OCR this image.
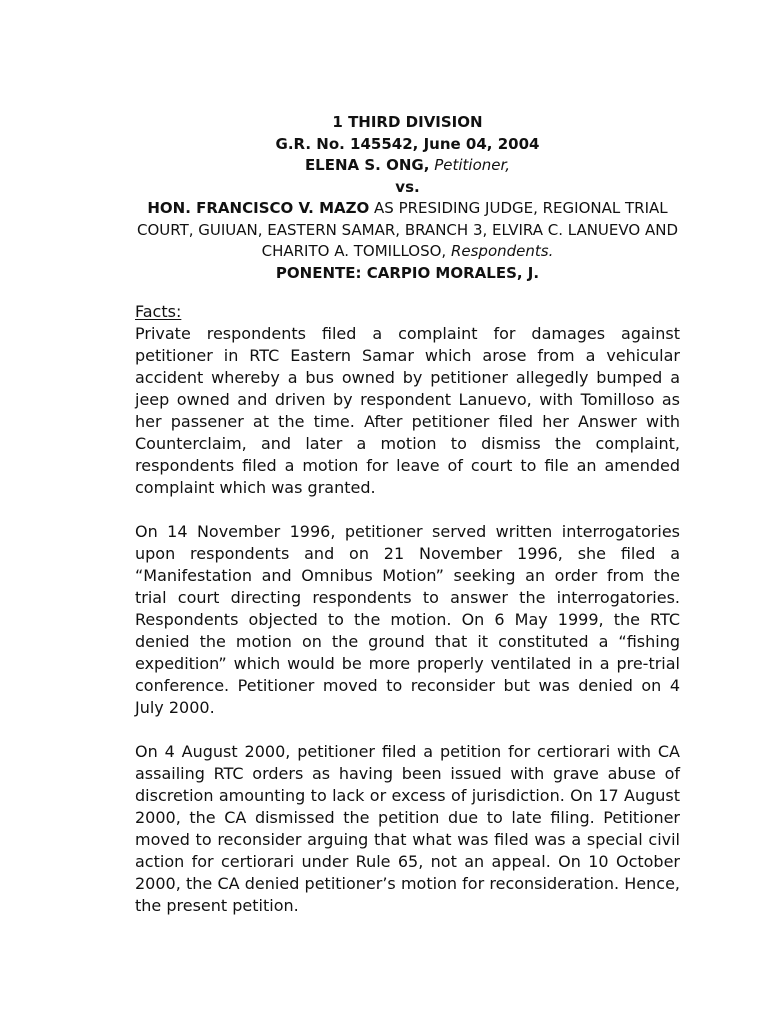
1 THIRD DIVISION
G.R. No. 145542, June 04, 2004
ELENA S. ONG, Petitioner,
vs.
HON. FRANCISCO V. MAZO AS PRESIDING JUDGE, REGIONAL TRIAL COURT, GUIUAN, EASTERN SAMAR, BRANCH 3, ELVIRA C. LANUEVO AND CHARITO A. TOMILLOSO, Respondents.
PONENTE: CARPIO MORALES, J.
Facts:

Private respondents filed a complaint for damages against petitioner in RTC Eastern Samar which arose from a vehicular accident whereby a bus owned by petitioner allegedly bumped a jeep owned and driven by respondent Lanuevo, with Tomilloso as her passener at the time. After petitioner filed her Answer with Counterclaim, and later a motion to dismiss the complaint, respondents filed a motion for leave of court to file an amended complaint which was granted.

On 14 November 1996, petitioner served written interrogatories upon respondents and on 21 November 1996, she filed a “Manifestation and Omnibus Motion” seeking an order from the trial court directing respondents to answer the interrogatories. Respondents objected to the motion. On 6 May 1999, the RTC denied the motion on the ground that it constituted a “fishing expedition” which would be more properly ventilated in a pre-trial conference. Petitioner moved to reconsider but was denied on 4 July 2000.

On 4 August 2000, petitioner filed a petition for certiorari with CA assailing RTC orders as having been issued with grave abuse of discretion amounting to lack or excess of jurisdiction. On 17 August 2000, the CA dismissed the petition due to late filing. Petitioner moved to reconsider arguing that what was filed was a special civil action for certiorari under Rule 65, not an appeal. On 10 October 2000, the CA denied petitioner’s motion for reconsideration. Hence, the present petition.
